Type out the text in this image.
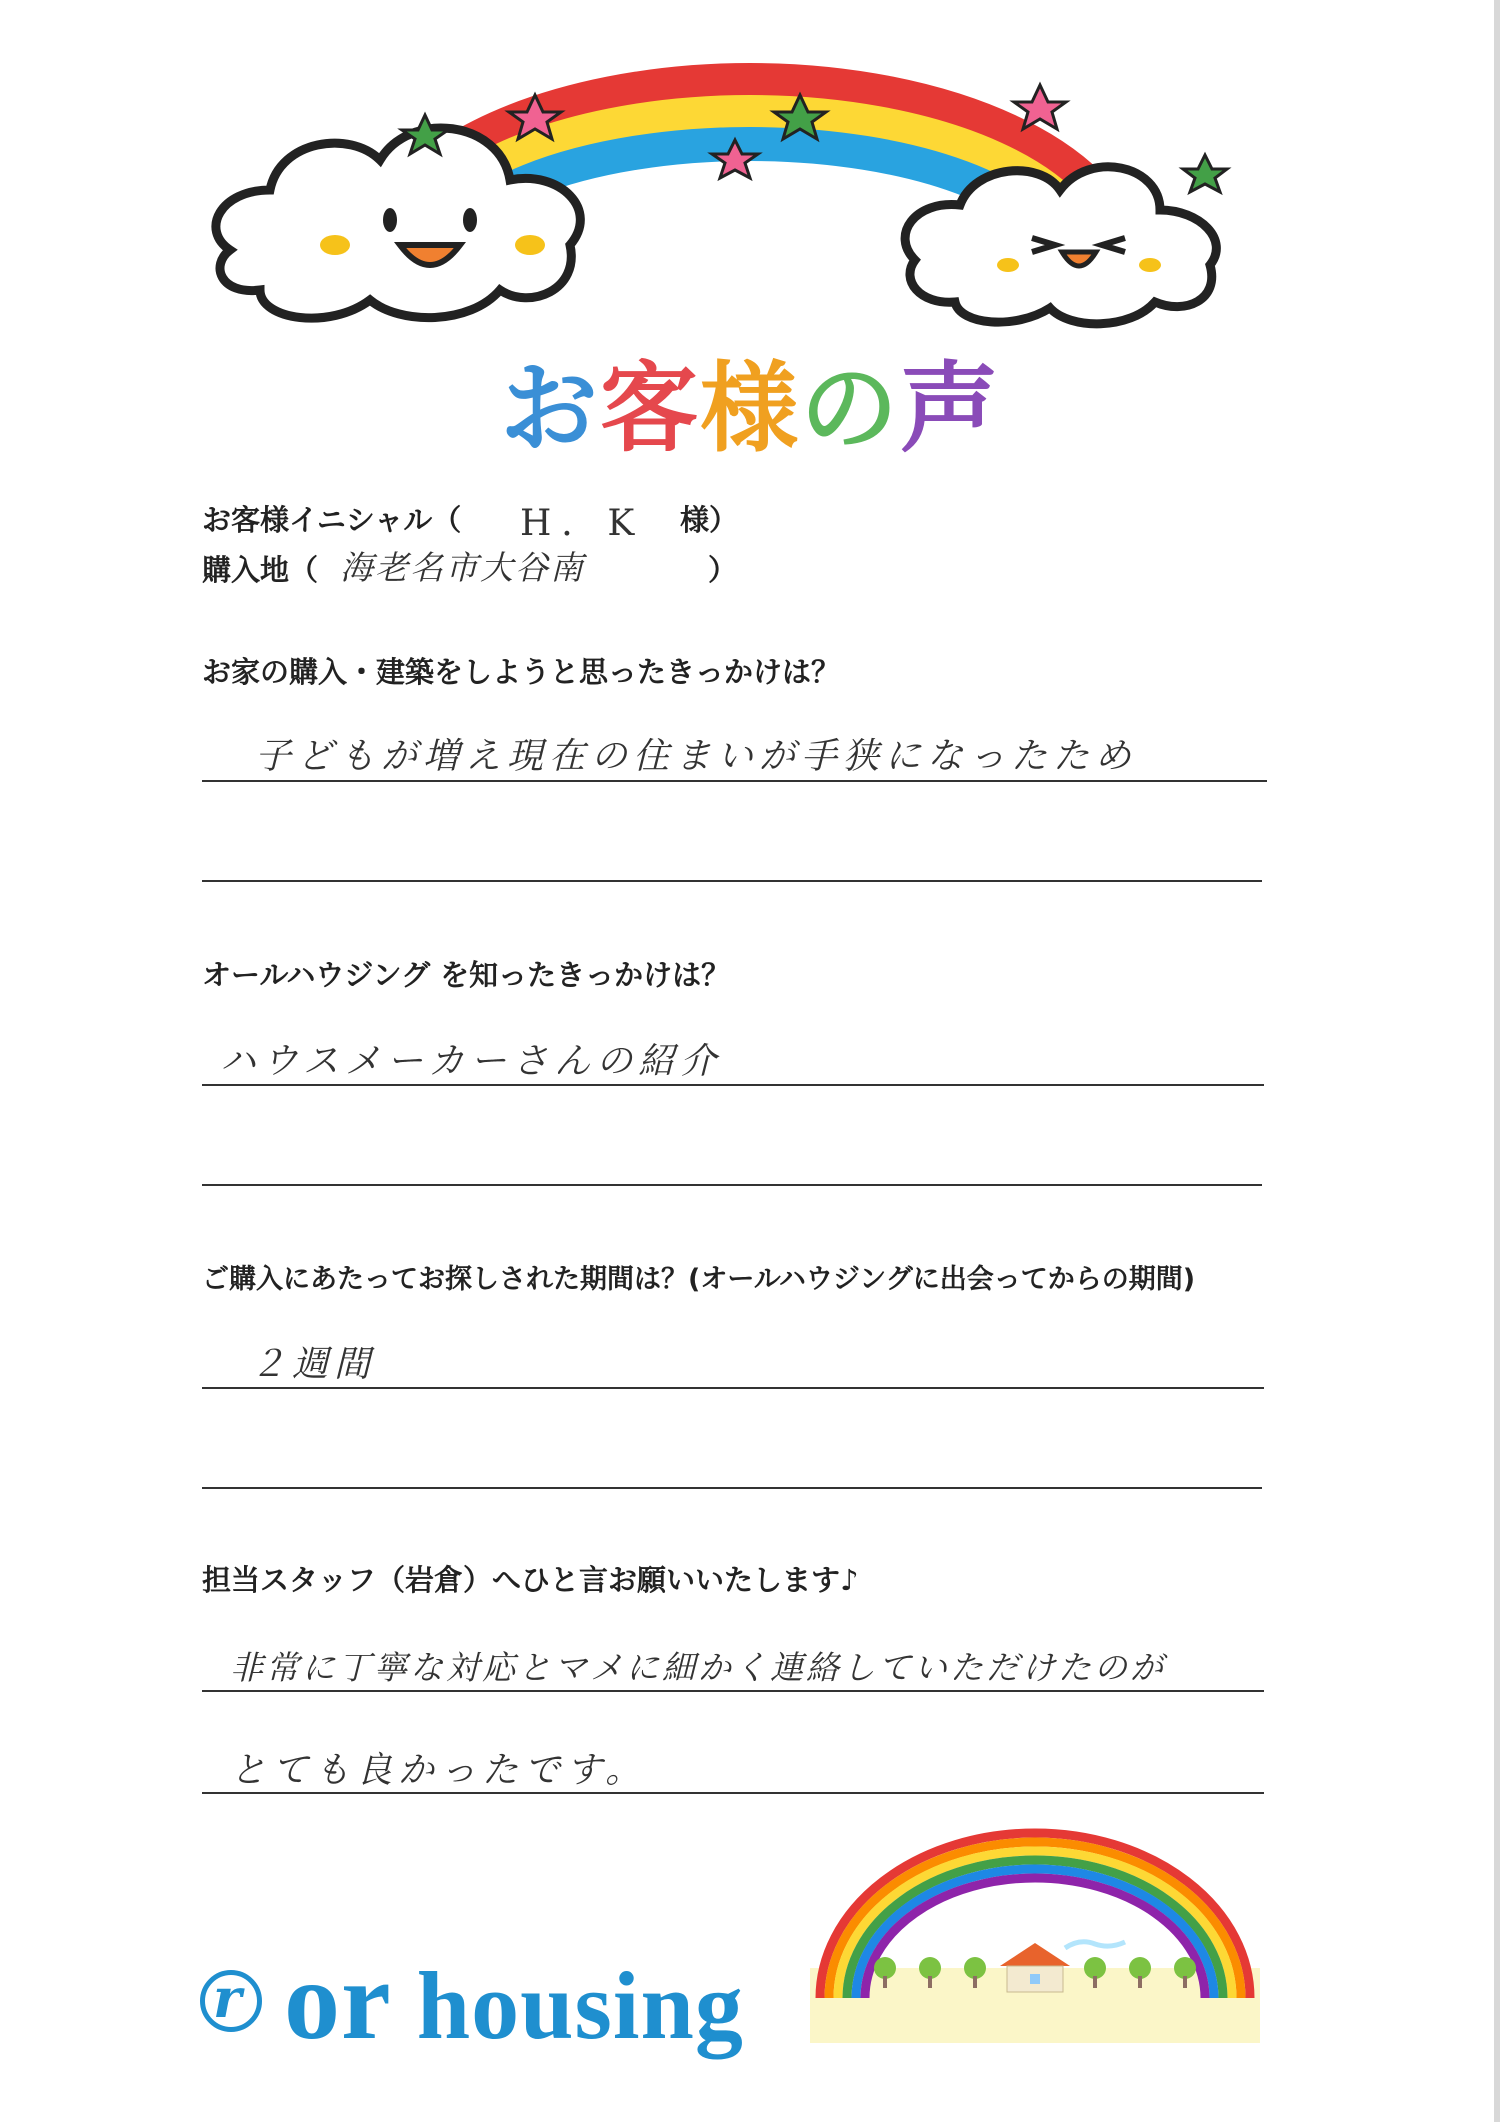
お客様の声
お客様イニシャル（ H．K 様）
購入地（ 海老名市大谷南	）
お家の購入・建築をしようと思ったきっかけは？
子どもが増え現在の住まいが手狭になったため
オールハウジング を知ったきっかけは？
ハウスメーカーさんの紹介
ご購入にあたってお探しされた期間は？(オールハウジングに出会ってからの期間)
２週間
担当スタッフ（岩倉）へひと言お願いいたします♪
非常に丁寧な対応とマメに細かく連絡していただけたのが
とても良かったです。
r or housing
